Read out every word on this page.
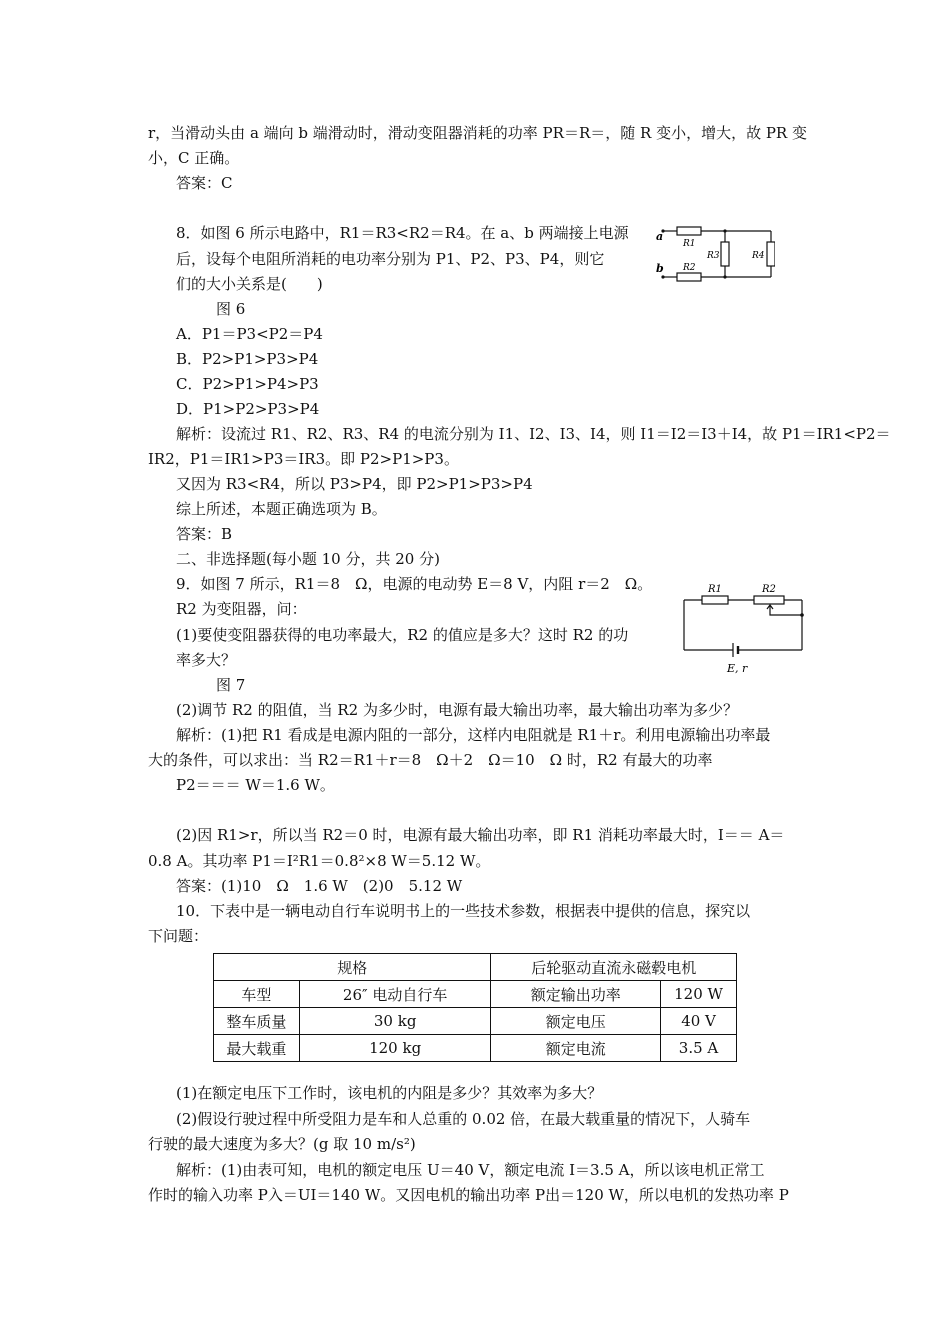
r，当滑动头由 a 端向 b 端滑动时，滑动变阻器消耗的功率 PR＝R＝，随 R 变小，增大，故 PR 变
小，C 正确。
答案：C
8．如图 6 所示电路中，R1＝R3<R2＝R4。在 a、b 两端接上电源
后，设每个电阻所消耗的电功率分别为 P1、P2、P3、P4，则它
们的大小关系是(　　)
图 6
A．P1＝P3<P2＝P4
B．P2>P1>P3>P4
C．P2>P1>P4>P3
D．P1>P2>P3>P4
解析：设流过 R1、R2、R3、R4 的电流分别为 I1、I2、I3、I4，则 I1＝I2＝I3＋I4，故 P1＝IR1<P2＝
IR2，P1＝IR1>P3＝IR3。即 P2>P1>P3。
又因为 R3<R4，所以 P3>P4，即 P2>P1>P3>P4
综上所述，本题正确选项为 B。
答案：B
二、非选择题(每小题 10 分，共 20 分)
9．如图 7 所示，R1＝8　Ω，电源的电动势 E＝8 V，内阻 r＝2　Ω。
R2 为变阻器，问：
(1)要使变阻器获得的电功率最大，R2 的值应是多大？这时 R2 的功
率多大？
图 7
(2)调节 R2 的阻值，当 R2 为多少时，电源有最大输出功率，最大输出功率为多少？
解析：(1)把 R1 看成是电源内阻的一部分，这样内电阻就是 R1＋r。利用电源输出功率最
大的条件，可以求出：当 R2＝R1＋r＝8　Ω＋2　Ω＝10　Ω 时，R2 有最大的功率
P2＝＝＝ W＝1.6 W。
(2)因 R1>r，所以当 R2＝0 时，电源有最大输出功率，即 R1 消耗功率最大时，I＝＝ A＝
0.8 A。其功率 P1＝I²R1＝0.8²×8 W＝5.12 W。
答案：(1)10　Ω　1.6 W　(2)0　5.12 W
10．下表中是一辆电动自行车说明书上的一些技术参数，根据表中提供的信息，探究以
下问题：
规格		后轮驱动直流永磁毂电机	
车型	26″ 电动自行车	额定输出功率	120 W
整车质量	30 kg	额定电压	40 V
最大载重	120 kg	额定电流	3.5 A
(1)在额定电压下工作时，该电机的内阻是多少？其效率为多大？
(2)假设行驶过程中所受阻力是车和人总重的 0.02 倍，在最大载重量的情况下，人骑车
行驶的最大速度为多大？(g 取 10 m/s²)
解析：(1)由表可知，电机的额定电压 U＝40 V，额定电流 I＝3.5 A，所以该电机正常工
作时的输入功率 P入＝UI＝140 W。又因电机的输出功率 P出＝120 W，所以电机的发热功率 P
a
b
R1
R2
R3	R4
R1	R2
E, r
